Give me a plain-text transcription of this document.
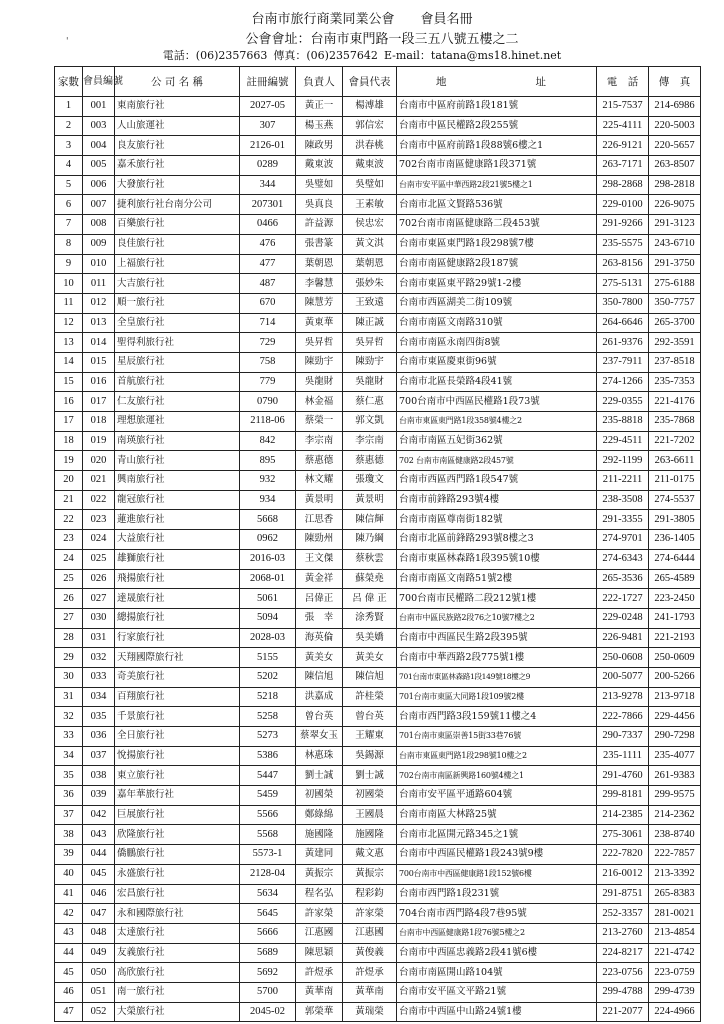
台南市旅行商業同業公會 會員名冊
公會會址：台南市東門路一段三五八號五樓之二
'
電話：(06)2357663 傳真：(06)2357642 E-mail：tatana@ms18.hinet.net
家數	會員編號	公 司 名 稱	註冊編號	負責人	會員代表	地	址	電　話	傳　真
1	001	東南旅行社	2027-05	黃正一	楊溥雄	台南市中區府前路1段181號		215-7537	214-6986
2	003	人山旅運社	307	楊玉燕	郭信宏	台南市中區民權路2段255號		225-4111	220-5003
3	004	良友旅行社	2126-01	陳政男	洪春桃	台南市中區府前路1段88號6樓之1		226-9121	220-5657
4	005	嘉禾旅行社	0289	戴東波	戴東波	702台南市南區健康路1段371號		263-7171	263-8507
5	006	大發旅行社	344	吳璧如	吳璧如	台南市安平區中華西路2段21號5樓之1		298-2868	298-2818
6	007	捷利旅行社台南分公司	207301	吳真良	王素敏	台南市北區文賢路536號		229-0100	226-9075
7	008	百樂旅行社	0466	許益源	侯忠宏	702台南市南區健康路二段453號		291-9266	291-3123
8	009	良佳旅行社	476	張書篆	黃文淇	台南市東區東門路1段298號7樓		235-5575	243-6710
9	010	上福旅行社	477	葉朝恩	葉朝恩	台南市南區健康路2段187號		263-8156	291-3750
10	011	大吉旅行社	487	李馨慧	張妙朱	台南市東區東平路29號1-2樓		275-5131	275-6188
11	012	順一旅行社	670	陳慧芳	王致遠	台南市西區湖美二街109號		350-7800	350-7757
12	013	全皇旅行社	714	黃東華	陳正誠	台南市南區文南路310號		264-6646	265-3700
13	014	聖得利旅行社	729	吳昇哲	吳昇哲	台南市南區永南四街8號		261-9376	292-3591
14	015	星辰旅行社	758	陳勁宇	陳勁宇	台南市東區慶東街96號		237-7911	237-8518
15	016	首航旅行社	779	吳龍財	吳龍財	台南市北區長榮路4段41號		274-1266	235-7353
16	017	仁友旅行社	0790	林金福	蔡仁惠	700台南市中西區民權路1段73號		229-0355	221-4176
17	018	理想旅運社	2118-06	蔡榮一	郭文凱	台南市東區東門路1段358號4樓之2		235-8818	235-7868
18	019	南瑛旅行社	842	李宗南	李宗南	台南市南區五妃街362號		229-4511	221-7202
19	020	青山旅行社	895	蔡惠德	蔡惠德	702 台南市南區健康路2段457號		292-1199	263-6611
20	021	興南旅行社	932	林文耀	張瓊文	台南市西區西門路1段547號		211-2211	211-0175
21	022	龍冠旅行社	934	黃景明	黃景明	台南市前鋒路293號4樓		238-3508	274-5537
22	023	蓮進旅行社	5668	江思香	陳信輝	台南市南區尊南街182號		291-3355	291-3805
23	024	大益旅行社	0962	陳勁州	陳乃綱	台南市北區前鋒路293號8樓之3		274-9701	236-1405
24	025	雄獅旅行社	2016-03	王文傑	蔡秋雲	台南市東區林森路1段395號10樓		274-6343	274-6444
25	026	飛揚旅行社	2068-01	黃金祥	蘇榮堯	台南市南區文南路51號2樓		265-3536	265-4589
26	027	達晟旅行社	5061	呂偉正	呂 偉 正	700台南市民權路二段212號1樓		222-1727	223-2450
27	030	總揚旅行社	5094	張　幸	涂秀賢	台南市中區民族路2段76之10號7樓之2		229-0248	241-1793
28	031	行家旅行社	2028-03	海英倫	吳美嬌	台南市中西區民生路2段395號		226-9481	221-2193
29	032	天翔國際旅行社	5155	黃美女	黃美女	台南市中華西路2段775號1樓		250-0608	250-0609
30	033	奇美旅行社	5202	陳信旭	陳信旭	701台南市東區林森路1段149號18樓之9		200-5077	200-5266
31	034	百翔旅行社	5218	洪嘉成	許桂榮	701台南市東區大同路1段109號2樓		213-9278	213-9718
32	035	千景旅行社	5258	曾台英	曾台英	台南市西門路3段159號11樓之4		222-7866	229-4456
33	036	全日旅行社	5273	蔡翠女玉	王耀東	701台南市東區崇善15街33巷76號		290-7337	290-7298
34	037	悅揚旅行社	5386	林惠珠	吳錫源	台南市東區東門路1段298號10樓之2		235-1111	235-4077
35	038	東立旅行社	5447	劉士誠	劉士誠	702台南市南區新興路160號4樓之1		291-4760	261-9383
36	039	嘉年華旅行社	5459	初國榮	初國榮	台南市安平區平通路604號		299-8181	299-9575
37	042	巨展旅行社	5566	鄭綠綿	王國晨	台南市南區大林路25號		214-2385	214-2362
38	043	欣隆旅行社	5568	施國隆	施國隆	台南市北區開元路345之1號		275-3061	238-8740
39	044	僑鵬旅行社	5573-1	黃建同	戴文惠	台南市中西區民權路1段243號9樓		222-7820	222-7857
40	045	永盛旅行社	2128-04	黃振宗	黃振宗	700台南市中西區健康路1段152號6樓		216-0012	213-3392
41	046	宏昌旅行社	5634	程名弘	程彩鈞	台南市西門路1段231號		291-8751	265-8383
42	047	永和國際旅行社	5645	許家榮	許家榮	704台南市西門路4段7巷95號		252-3357	281-0021
43	048	太達旅行社	5666	江惠國	江惠國	台南市中西區健康路1段76號5樓之2		213-2760	213-4854
44	049	友義旅行社	5689	陳思穎	黃俊義	台南市中西區忠義路2段41號6樓		224-8217	221-4742
45	050	高欣旅行社	5692	許煜承	許煜承	台南市南區開山路104號		223-0756	223-0759
46	051	南一旅行社	5700	黃華南	黃華南	台南市安平區文平路21號		299-4788	299-4739
47	052	大榮旅行社	2045-02	郭榮華	黃瑞榮	台南市中西區中山路24號1樓		221-2077	224-4966
